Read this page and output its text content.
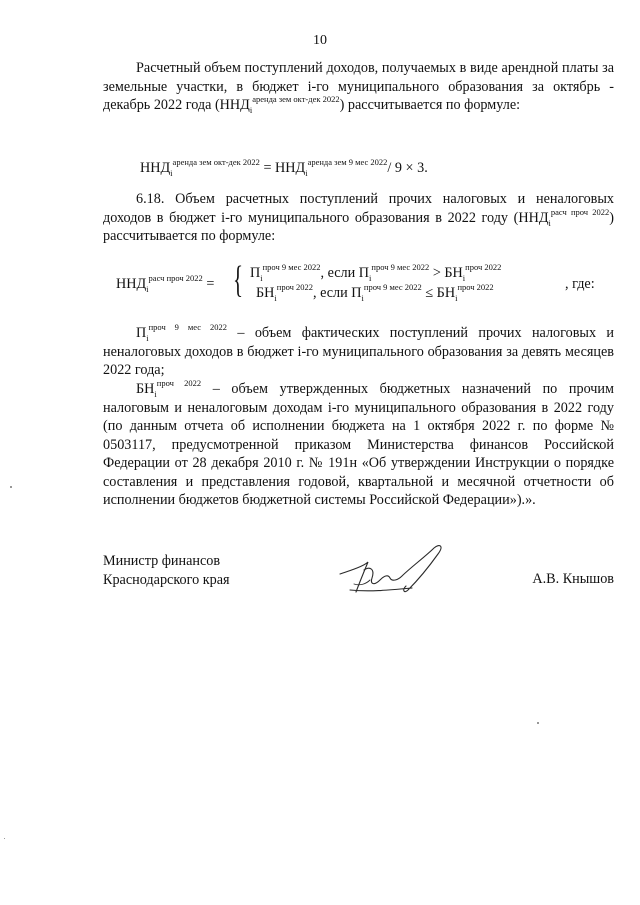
10
Расчетный объем поступлений доходов, получаемых в виде арендной платы за земельные участки, в бюджет i-го муниципального образования за октябрь - декабрь 2022 года $(ННД_i^{аренда зем окт-дек 2022})$ рассчитывается по формуле:
$ННД_i^{аренда зем окт-дек 2022} = ННД_i^{аренда зем 9 мес 2022}/$ 9 × 3.
6.18. Объем расчетных поступлений прочих налоговых и неналоговых доходов в бюджет i-го муниципального образования в 2022 году $(ННД_i^{расч проч 2022})$ рассчитывается по формуле:
$ННД_i^{расч проч 2022}$ = { $П_i^{проч 9 мес 2022}$, если $П_i^{проч 9 мес 2022} > БН_i^{проч 2022}$
$БН_i^{проч 2022}$, если $П_i^{проч 9 мес 2022} \le БН_i^{проч 2022}$	, где:
$П_i^{проч 9 мес 2022}$ – объем фактических поступлений прочих налоговых и неналоговых доходов в бюджет i-го муниципального образования за девять месяцев 2022 года;
$БН_i^{проч 2022}$ – объем утвержденных бюджетных назначений по прочим налоговым и неналоговым доходам i-го муниципального образования в 2022 году (по данным отчета об исполнении бюджета на 1 октября 2022 г. по форме № 0503117, предусмотренной приказом Министерства финансов Российской Федерации от 28 декабря 2010 г. № 191н «Об утверждении Инструкции о порядке составления и представления годовой, квартальной и месячной отчетности об исполнении бюджетов бюджетной системы Российской Федерации»).».
Министр финансов
Краснодарского края	А.В. Кнышов
